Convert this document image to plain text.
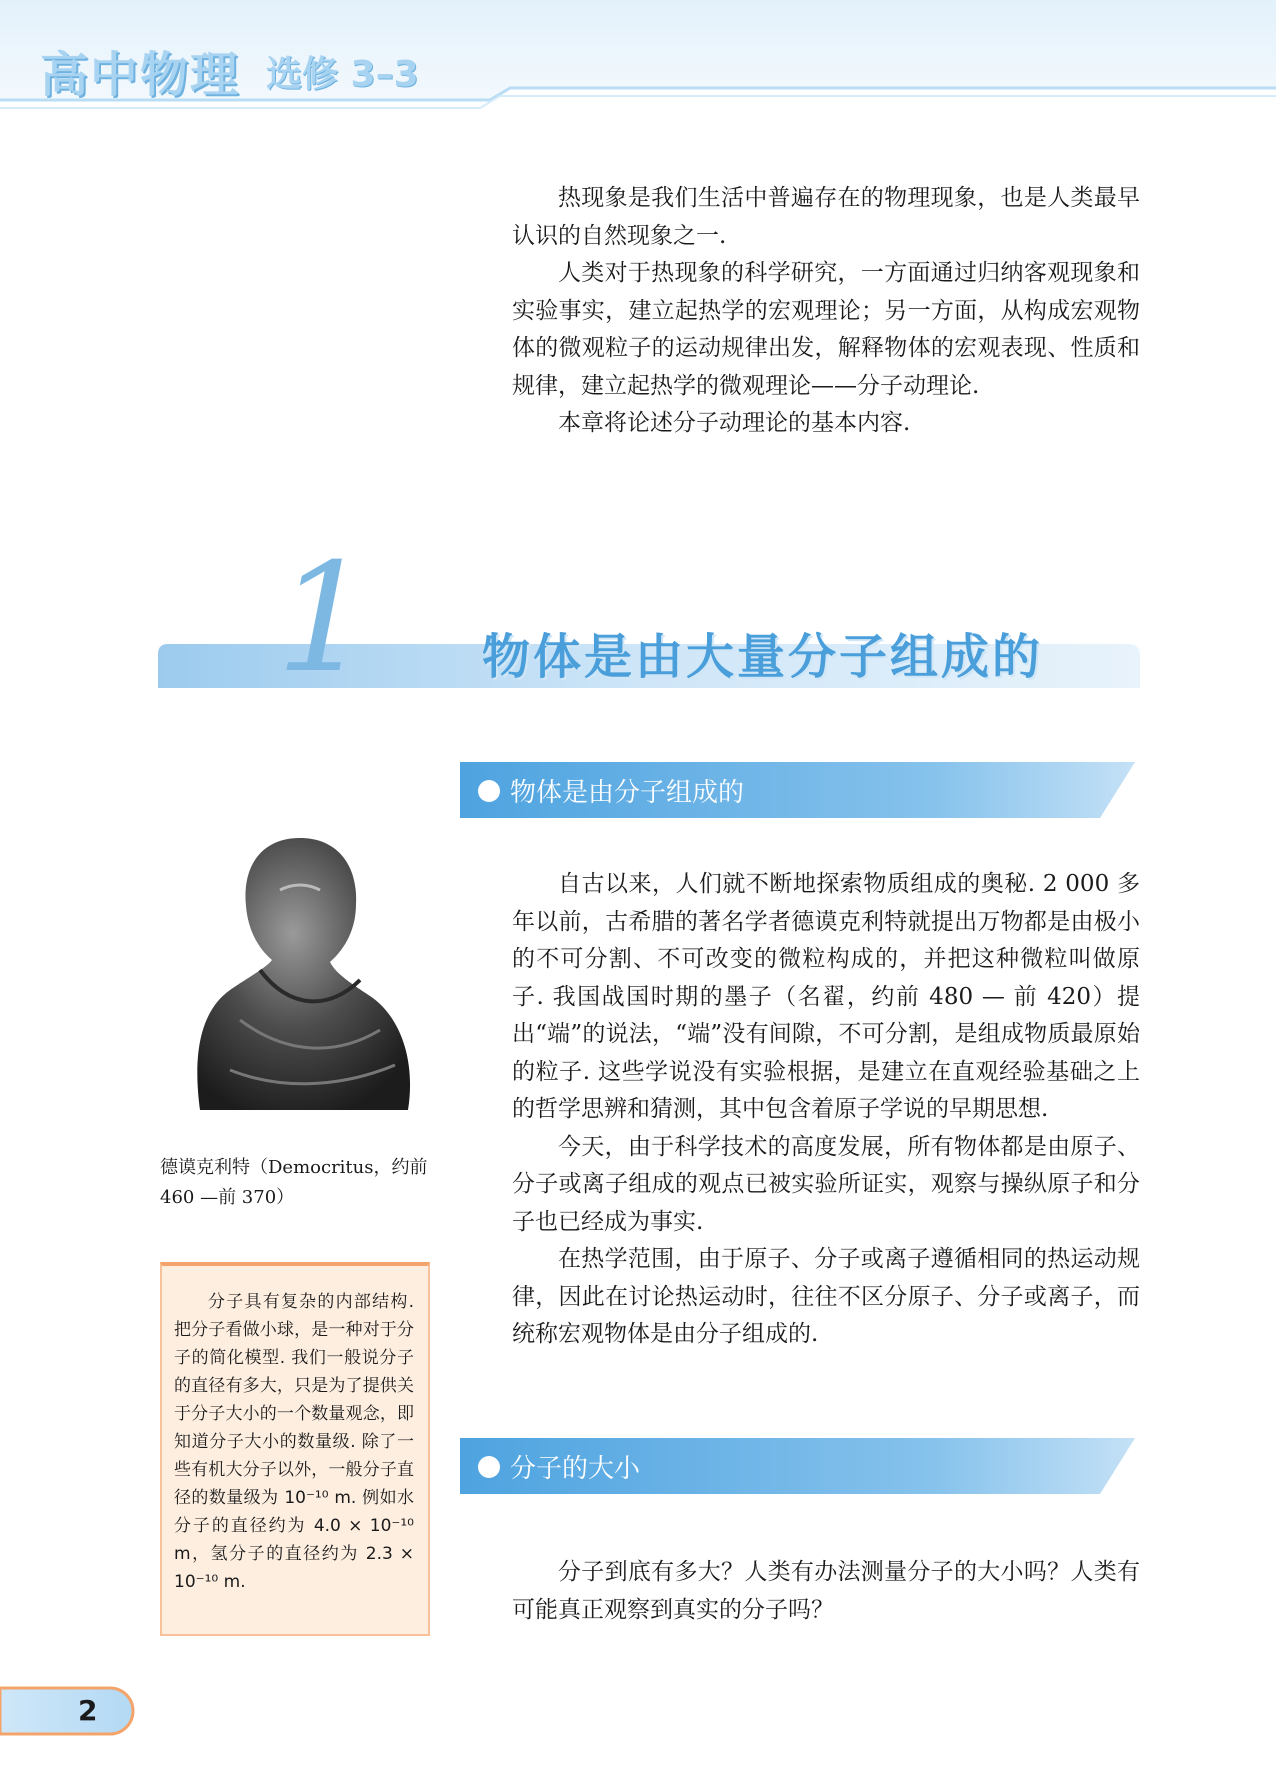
高中物理 选修 3–3

热现象是我们生活中普遍存在的物理现象，也是人类最早认识的自然现象之一.

人类对于热现象的科学研究，一方面通过归纳客观现象和实验事实，建立起热学的宏观理论；另一方面，从构成宏观物体的微观粒子的运动规律出发，解释物体的宏观表现、性质和规律，建立起热学的微观理论——分子动理论.

本章将论述分子动理论的基本内容.

1 物体是由大量分子组成的
物体是由分子组成的
德谟克利特（Democritus，约前460 —前 370）

自古以来，人们就不断地探索物质组成的奥秘. 2 000 多年以前，古希腊的著名学者德谟克利特就提出万物都是由极小的不可分割、不可改变的微粒构成的，并把这种微粒叫做原子. 我国战国时期的墨子（名翟，约前 480 — 前 420）提出“端”的说法，“端”没有间隙，不可分割，是组成物质最原始的粒子. 这些学说没有实验根据，是建立在直观经验基础之上的哲学思辨和猜测，其中包含着原子学说的早期思想.

今天，由于科学技术的高度发展，所有物体都是由原子、分子或离子组成的观点已被实验所证实，观察与操纵原子和分子也已经成为事实.

在热学范围，由于原子、分子或离子遵循相同的热运动规律，因此在讨论热运动时，往往不区分原子、分子或离子，而统称宏观物体是由分子组成的.

分子具有复杂的内部结构. 把分子看做小球，是一种对于分子的简化模型. 我们一般说分子的直径有多大，只是为了提供关于分子大小的一个数量观念，即知道分子大小的数量级. 除了一些有机大分子以外，一般分子直径的数量级为 10⁻¹⁰ m. 例如水分子的直径约为 4.0 × 10⁻¹⁰ m，氢分子的直径约为 2.3 × 10⁻¹⁰ m.

分子的大小

分子到底有多大？人类有办法测量分子的大小吗？人类有可能真正观察到真实的分子吗？

2
